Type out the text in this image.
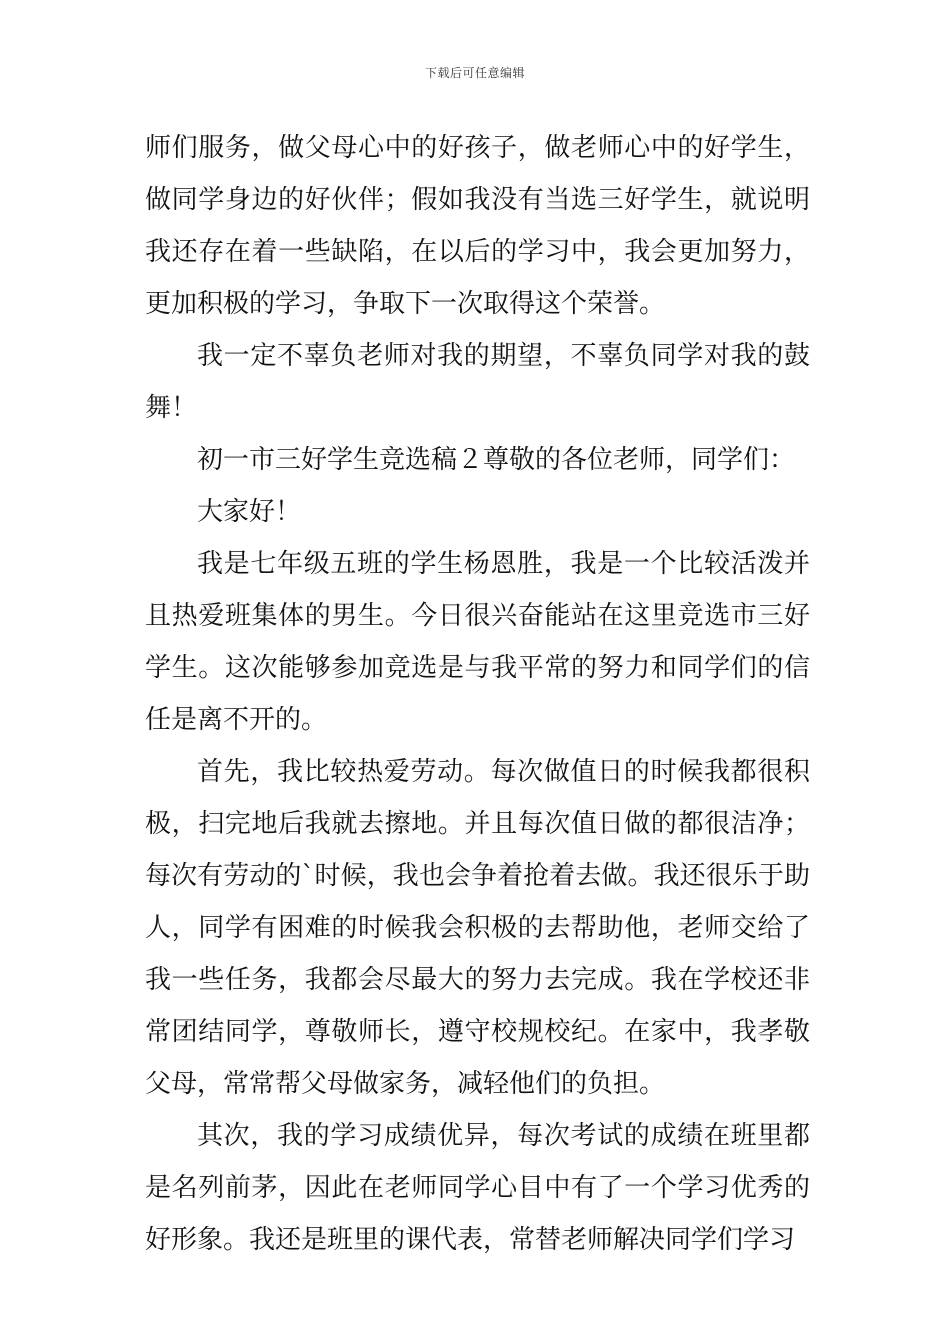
下载后可任意编辑

师们服务，做父母心中的好孩子，做老师心中的好学生，做同学身边的好伙伴；假如我没有当选三好学生，就说明我还存在着一些缺陷，在以后的学习中，我会更加努力，更加积极的学习，争取下一次取得这个荣誉。

我一定不辜负老师对我的期望，不辜负同学对我的鼓舞！

初一市三好学生竞选稿２尊敬的各位老师，同学们：

大家好！

我是七年级五班的学生杨恩胜，我是一个比较活泼并且热爱班集体的男生。今日很兴奋能站在这里竞选市三好学生。这次能够参加竞选是与我平常的努力和同学们的信任是离不开的。

首先，我比较热爱劳动。每次做值日的时候我都很积极，扫完地后我就去擦地。并且每次值日做的都很洁净；每次有劳动的`时候，我也会争着抢着去做。我还很乐于助人，同学有困难的时候我会积极的去帮助他，老师交给了我一些任务，我都会尽最大的努力去完成。我在学校还非常团结同学，尊敬师长，遵守校规校纪。在家中，我孝敬父母，常常帮父母做家务，减轻他们的负担。

其次，我的学习成绩优异，每次考试的成绩在班里都是名列前茅，因此在老师同学心目中有了一个学习优秀的好形象。我还是班里的课代表，常替老师解决同学们学习
